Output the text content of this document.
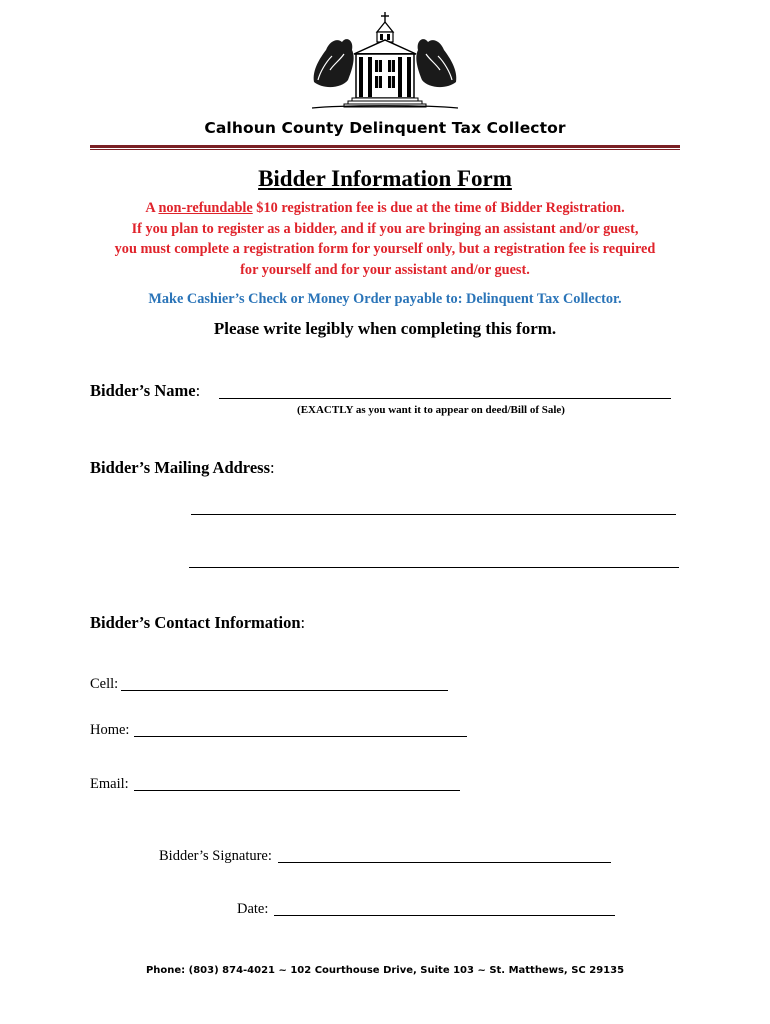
Calhoun County Delinquent Tax Collector
Bidder Information Form
A non-refundable $10 registration fee is due at the time of Bidder Registration.
If you plan to register as a bidder, and if you are bringing an assistant and/or guest,
you must complete a registration form for yourself only, but a registration fee is required
for yourself and for your assistant and/or guest.
Make Cashier’s Check or Money Order payable to: Delinquent Tax Collector.
Please write legibly when completing this form.
Bidder’s Name:
(EXACTLY as you want it to appear on deed/Bill of Sale)
Bidder’s Mailing Address:
Bidder’s Contact Information:
Cell:
Home:
Email:
Bidder’s Signature:
Date:
Phone: (803) 874-4021 ~ 102 Courthouse Drive, Suite 103 ~ St. Matthews, SC 29135
